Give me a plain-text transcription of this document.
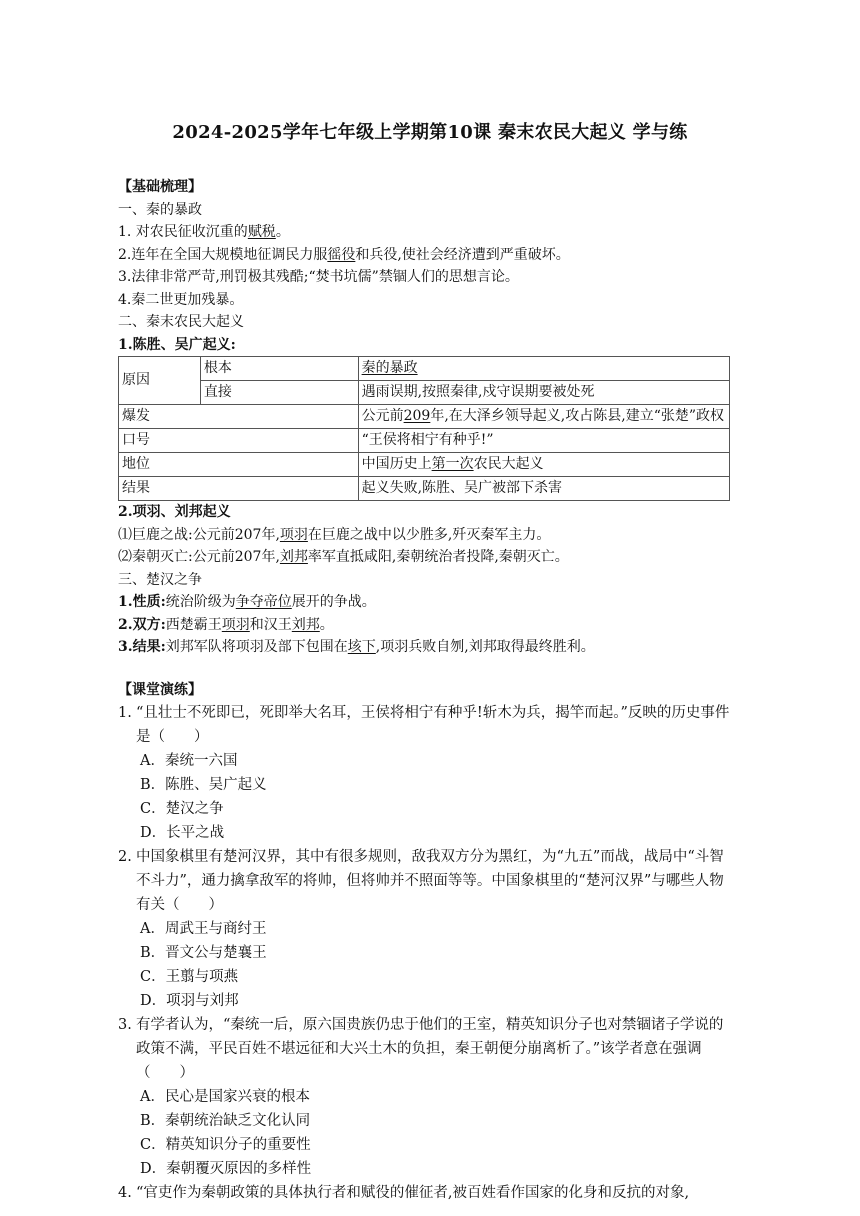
2024-2025学年七年级上学期第10课 秦末农民大起义 学与练
【基础梳理】
一、秦的暴政
1. 对农民征收沉重的赋税。
2.连年在全国大规模地征调民力服徭役和兵役,使社会经济遭到严重破坏。
3.法律非常严苛,刑罚极其残酷;“焚书坑儒”禁锢人们的思想言论。
4.秦二世更加残暴。
二、秦末农民大起义
1.陈胜、吴广起义:
原因	根本	秦的暴政
	直接	遇雨误期,按照秦律,戍守误期要被处死
爆发		公元前209年,在大泽乡领导起义,攻占陈县,建立“张楚”政权
口号		“王侯将相宁有种乎!”
地位		中国历史上第一次农民大起义
结果		起义失败,陈胜、吴广被部下杀害
2.项羽、刘邦起义
⑴巨鹿之战:公元前207年,项羽在巨鹿之战中以少胜多,歼灭秦军主力。
⑵秦朝灭亡:公元前207年,刘邦率军直抵咸阳,秦朝统治者投降,秦朝灭亡。
三、楚汉之争
1.性质:统治阶级为争夺帝位展开的争战。
2.双方:西楚霸王项羽和汉王刘邦。
3.结果:刘邦军队将项羽及部下包围在垓下,项羽兵败自刎,刘邦取得最终胜利。
【课堂演练】
1. “且壮士不死即已，死即举大名耳，王侯将相宁有种乎!斩木为兵，揭竿而起。”反映的历史事件是（　　）
A．秦统一六国
B．陈胜、吴广起义
C．楚汉之争
D．长平之战
2. 中国象棋里有楚河汉界，其中有很多规则，敌我双方分为黑红，为“九五”而战，战局中“斗智不斗力”，通力擒拿敌军的将帅，但将帅并不照面等等。中国象棋里的“楚河汉界”与哪些人物有关（　　）
A．周武王与商纣王
B．晋文公与楚襄王
C．王翦与项燕
D．项羽与刘邦
3. 有学者认为，“秦统一后，原六国贵族仍忠于他们的王室，精英知识分子也对禁锢诸子学说的政策不满，平民百姓不堪远征和大兴土木的负担，秦王朝便分崩离析了。”该学者意在强调（　　）
A．民心是国家兴衰的根本
B．秦朝统治缺乏文化认同
C．精英知识分子的重要性
D．秦朝覆灭原因的多样性
4. “官吏作为秦朝政策的具体执行者和赋役的催征者,被百姓看作国家的化身和反抗的对象,
